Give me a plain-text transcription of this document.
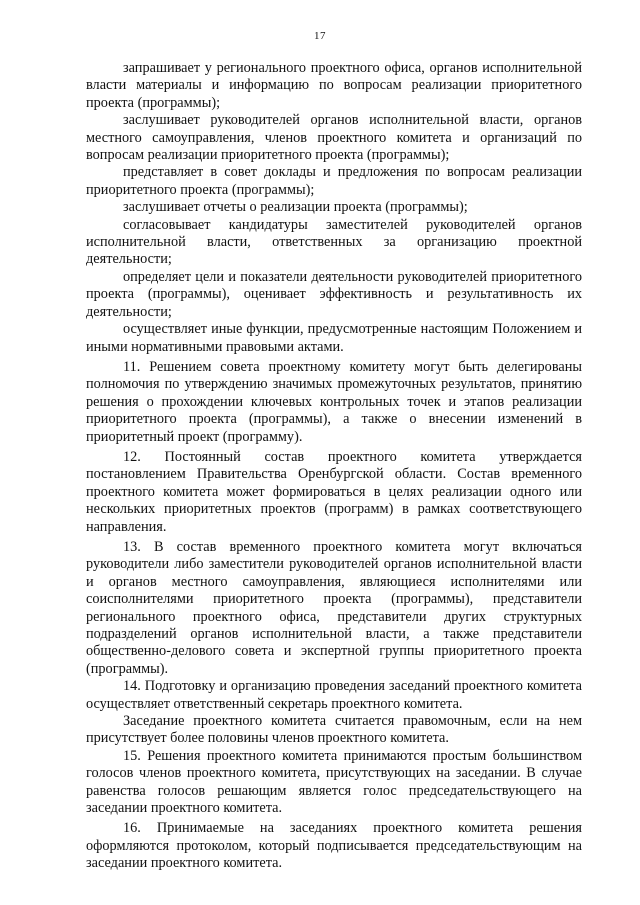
17

запрашивает у регионального проектного офиса, органов исполнительной власти материалы и информацию по вопросам реализации приоритетного проекта (программы);

заслушивает руководителей органов исполнительной власти, органов местного самоуправления, членов проектного комитета и организаций по вопросам реализации приоритетного проекта (программы);

представляет в совет доклады и предложения по вопросам реализации приоритетного проекта (программы);

заслушивает отчеты о реализации проекта (программы);

согласовывает кандидатуры заместителей руководителей органов исполнительной власти, ответственных за организацию проектной деятельности;

определяет цели и показатели деятельности руководителей приоритетного проекта (программы), оценивает эффективность и результативность их деятельности;

осуществляет иные функции, предусмотренные настоящим Положением и иными нормативными правовыми актами.

11. Решением совета проектному комитету могут быть делегированы полномочия по утверждению значимых промежуточных результатов, принятию решения о прохождении ключевых контрольных точек и этапов реализации приоритетного проекта (программы), а также о внесении изменений в приоритетный проект (программу).

12. Постоянный состав проектного комитета утверждается постановлением Правительства Оренбургской области. Состав временного проектного комитета может формироваться в целях реализации одного или нескольких приоритетных проектов (программ) в рамках соответствующего направления.

13. В состав временного проектного комитета могут включаться руководители либо заместители руководителей органов исполнительной власти и органов местного самоуправления, являющиеся исполнителями или соисполнителями приоритетного проекта (программы), представители регионального проектного офиса, представители других структурных подразделений органов исполнительной власти, а также представители общественно-делового совета и экспертной группы приоритетного проекта (программы).

14. Подготовку и организацию проведения заседаний проектного комитета осуществляет ответственный секретарь проектного комитета.

Заседание проектного комитета считается правомочным, если на нем присутствует более половины членов проектного комитета.

15. Решения проектного комитета принимаются простым большинством голосов членов проектного комитета, присутствующих на заседании. В случае равенства голосов решающим является голос председательствующего на заседании проектного комитета.

16. Принимаемые на заседаниях проектного комитета решения оформляются протоколом, который подписывается председательствующим на заседании проектного комитета.
